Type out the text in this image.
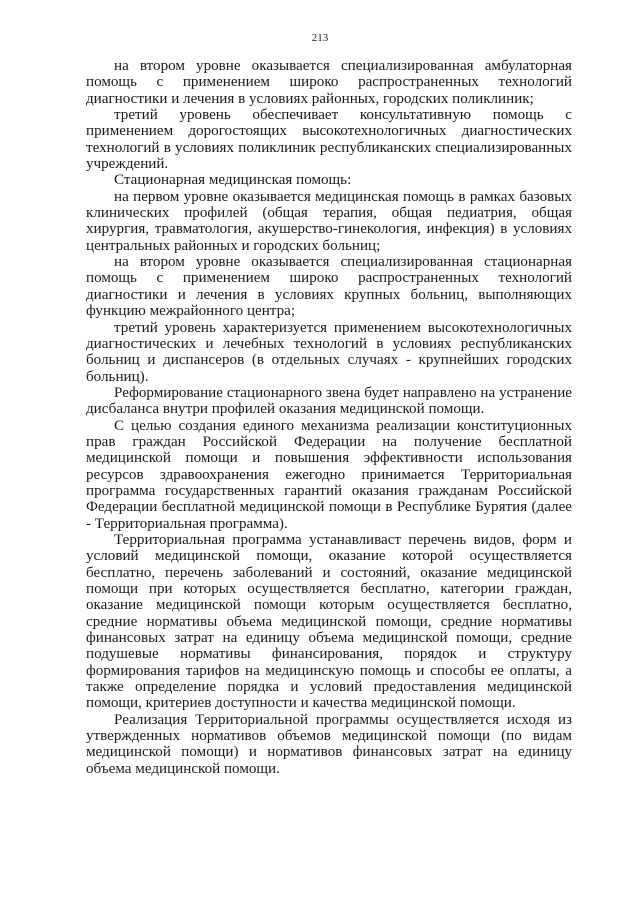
213

на втором уровне оказывается специализированная амбулаторная помощь с применением широко распространенных технологий диагностики и лечения в условиях районных, городских поликлиник;

третий уровень обеспечивает консультативную помощь с применением дорогостоящих высокотехнологичных диагностических технологий в условиях поликлиник республиканских специализированных учреждений.

Стационарная медицинская помощь:

на первом уровне оказывается медицинская помощь в рамках базовых клинических профилей (общая терапия, общая педиатрия, общая хирургия, травматология, акушерство-гинекология, инфекция) в условиях центральных районных и городских больниц;

на втором уровне оказывается специализированная стационарная помощь с применением широко распространенных технологий диагностики и лечения в условиях крупных больниц, выполняющих функцию межрайонного центра;

третий уровень характеризуется применением высокотехнологичных диагностических и лечебных технологий в условиях республиканских больниц и диспансеров (в отдельных случаях - крупнейших городских больниц).

Реформирование стационарного звена будет направлено на устранение дисбаланса внутри профилей оказания медицинской помощи.

С целью создания единого механизма реализации конституционных прав граждан Российской Федерации на получение бесплатной медицинской помощи и повышения эффективности использования ресурсов здравоохранения ежегодно принимается Территориальная программа государственных гарантий оказания гражданам Российской Федерации бесплатной медицинской помощи в Республике Бурятия (далее - Территориальная программа).

Территориальная программа устанавливаст перечень видов, форм и условий медицинской помощи, оказание которой осуществляется бесплатно, перечень заболеваний и состояний, оказание медицинской помощи при которых осуществляется бесплатно, категории граждан, оказание медицинской помощи которым осуществляется бесплатно, средние нормативы объема медицинской помощи, средние нормативы финансовых затрат на единицу объема медицинской помощи, средние подушевые нормативы финансирования, порядок и структуру формирования тарифов на медицинскую помощь и способы ее оплаты, а также определение порядка и условий предоставления медицинской помощи, критериев доступности и качества медицинской помощи.

Реализация Территориальной программы осуществляется исходя из утвержденных нормативов объемов медицинской помощи (по видам медицинской помощи) и нормативов финансовых затрат на единицу объема медицинской помощи.
